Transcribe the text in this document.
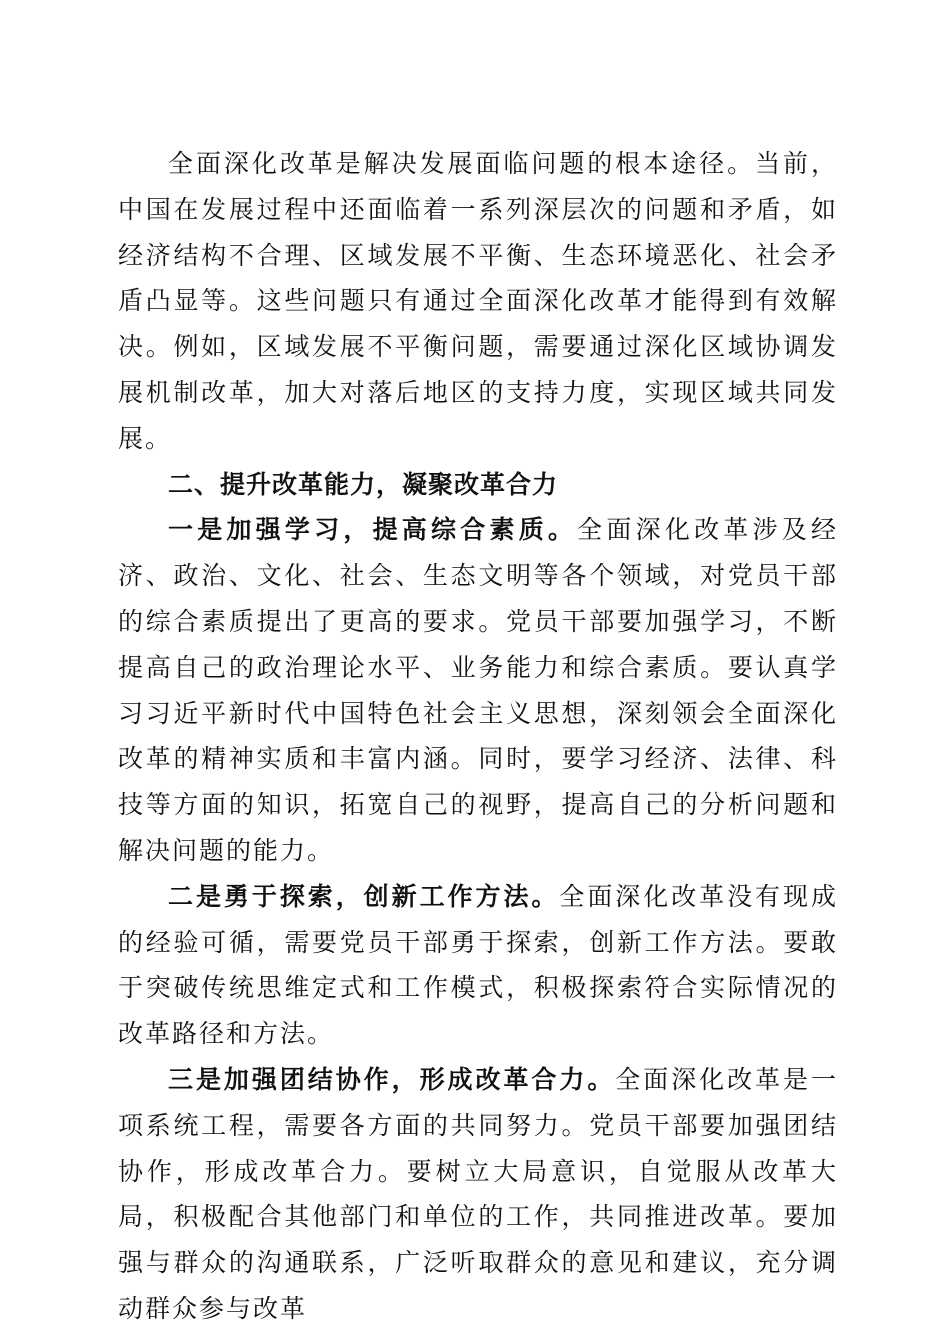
全面深化改革是解决发展面临问题的根本途径。当前，中国在发展过程中还面临着一系列深层次的问题和矛盾，如经济结构不合理、区域发展不平衡、生态环境恶化、社会矛盾凸显等。这些问题只有通过全面深化改革才能得到有效解决。例如，区域发展不平衡问题，需要通过深化区域协调发展机制改革，加大对落后地区的支持力度，实现区域共同发展。

二、提升改革能力，凝聚改革合力

一是加强学习，提高综合素质。全面深化改革涉及经济、政治、文化、社会、生态文明等各个领域，对党员干部的综合素质提出了更高的要求。党员干部要加强学习，不断提高自己的政治理论水平、业务能力和综合素质。要认真学习习近平新时代中国特色社会主义思想，深刻领会全面深化改革的精神实质和丰富内涵。同时，要学习经济、法律、科技等方面的知识，拓宽自己的视野，提高自己的分析问题和解决问题的能力。

二是勇于探索，创新工作方法。全面深化改革没有现成的经验可循，需要党员干部勇于探索，创新工作方法。要敢于突破传统思维定式和工作模式，积极探索符合实际情况的改革路径和方法。

三是加强团结协作，形成改革合力。全面深化改革是一项系统工程，需要各方面的共同努力。党员干部要加强团结协作，形成改革合力。要树立大局意识，自觉服从改革大局，积极配合其他部门和单位的工作，共同推进改革。要加强与群众的沟通联系，广泛听取群众的意见和建议，充分调动群众参与改革
